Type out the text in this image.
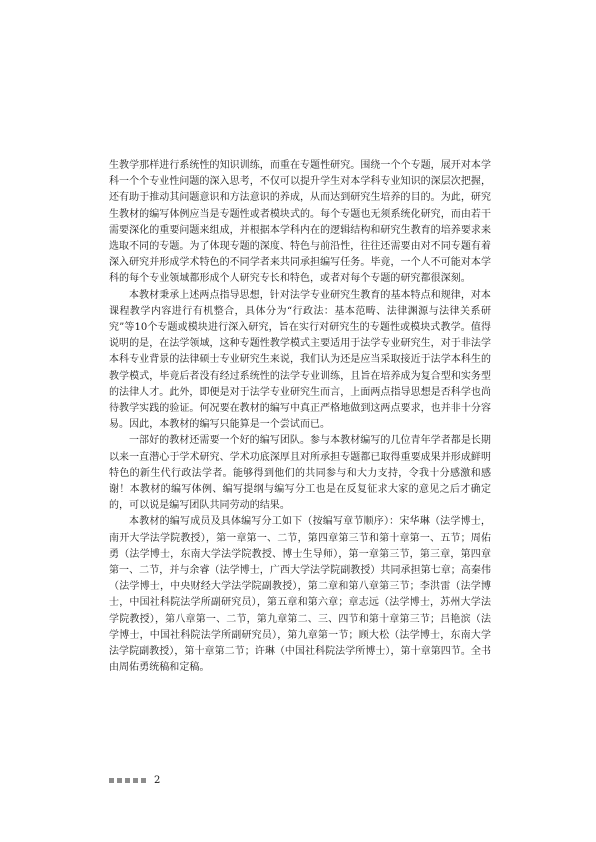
生教学那样进行系统性的知识训练，而重在专题性研究。围绕一个个专题，展开对本学科一个个专业性问题的深入思考，不仅可以提升学生对本学科专业知识的深层次把握，还有助于推动其问题意识和方法意识的养成，从而达到研究生培养的目的。为此，研究生教材的编写体例应当是专题性或者模块式的。每个专题也无须系统化研究，而由若干需要深化的重要问题来组成，并根据本学科内在的逻辑结构和研究生教育的培养要求来选取不同的专题。为了体现专题的深度、特色与前沿性，往往还需要由对不同专题有着深入研究并形成学术特色的不同学者来共同承担编写任务。毕竟，一个人不可能对本学科的每个专业领域都形成个人研究专长和特色，或者对每个专题的研究都很深刻。

本教材秉承上述两点指导思想，针对法学专业研究生教育的基本特点和规律，对本课程教学内容进行有机整合，具体分为“行政法：基本范畴、法律渊源与法律关系研究”等10个专题或模块进行深入研究，旨在实行对研究生的专题性或模块式教学。值得说明的是，在法学领域，这种专题性教学模式主要适用于法学专业研究生，对于非法学本科专业背景的法律硕士专业研究生来说，我们认为还是应当采取接近于法学本科生的教学模式，毕竟后者没有经过系统性的法学专业训练，且旨在培养成为复合型和实务型的法律人才。此外，即便是对于法学专业研究生而言，上面两点指导思想是否科学也尚待教学实践的验证。何况要在教材的编写中真正严格地做到这两点要求，也并非十分容易。因此，本教材的编写只能算是一个尝试而已。

一部好的教材还需要一个好的编写团队。参与本教材编写的几位青年学者都是长期以来一直潜心于学术研究、学术功底深厚且对所承担专题都已取得重要成果并形成鲜明特色的新生代行政法学者。能够得到他们的共同参与和大力支持，令我十分感激和感谢！本教材的编写体例、编写提纲与编写分工也是在反复征求大家的意见之后才确定的，可以说是编写团队共同劳动的结果。

本教材的编写成员及具体编写分工如下（按编写章节顺序）：宋华琳（法学博士，南开大学法学院教授），第一章第一、二节，第四章第三节和第十章第一、五节；周佑勇（法学博士，东南大学法学院教授、博士生导师），第一章第三节，第三章，第四章第一、二节，并与余睿（法学博士，广西大学法学院副教授）共同承担第七章；高秦伟（法学博士，中央财经大学法学院副教授），第二章和第八章第三节；李洪雷（法学博士，中国社科院法学所副研究员），第五章和第六章；章志远（法学博士，苏州大学法学院教授），第八章第一、二节，第九章第二、三、四节和第十章第三节；吕艳滨（法学博士，中国社科院法学所副研究员），第九章第一节；顾大松（法学博士，东南大学法学院副教授），第十章第二节；许琳（中国社科院法学所博士），第十章第四节。全书由周佑勇统稿和定稿。

2
